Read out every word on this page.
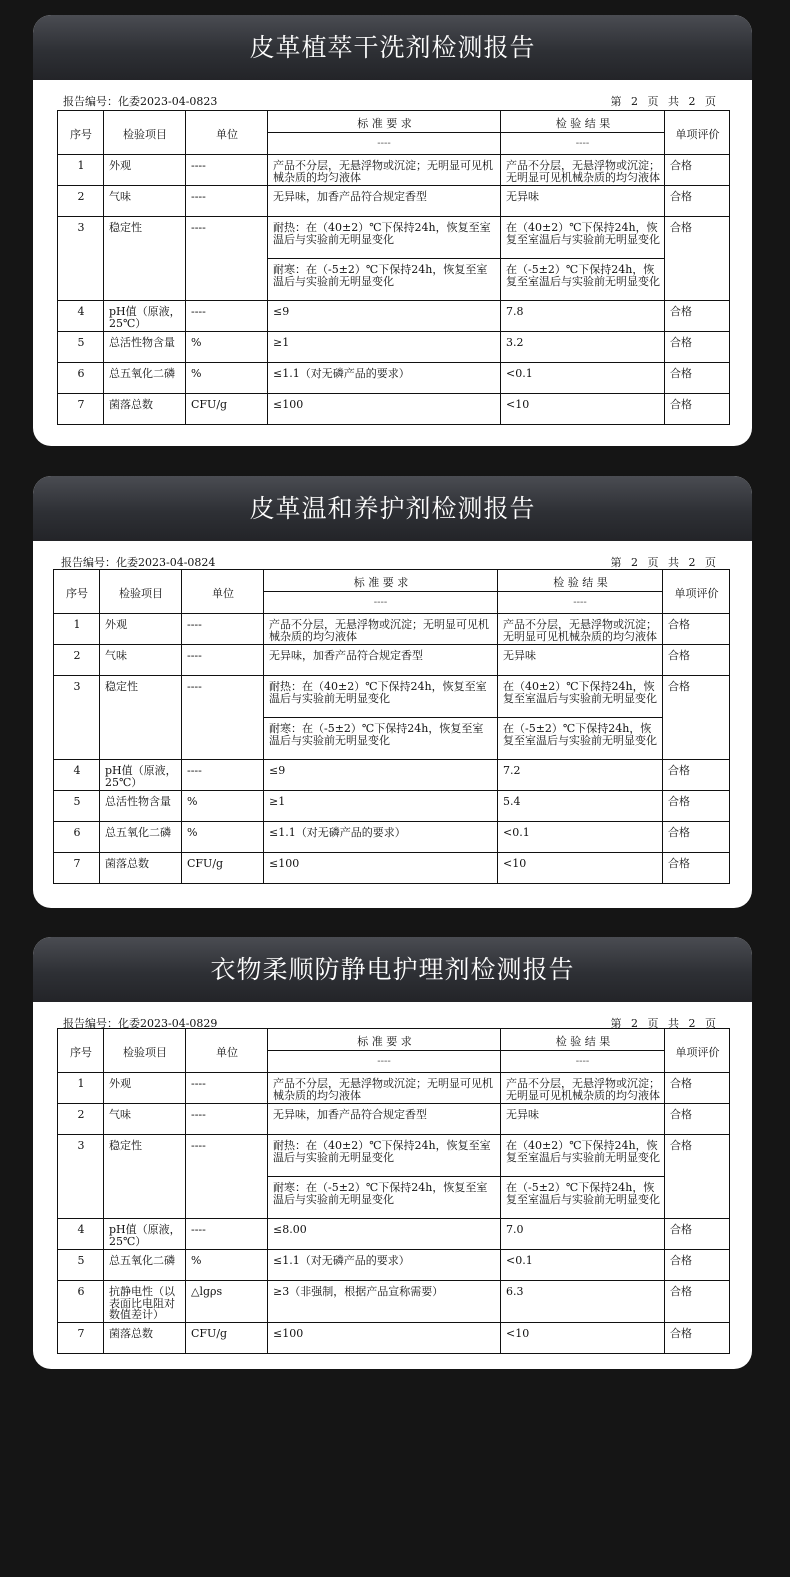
皮革植萃干洗剂检测报告
报告编号：化委2023-04-0823	第 2 页 共 2 页
序号	检验项目	单位	标 准 要 求	检 验 结 果	单项评价
			----	----	
1	外观	----	产品不分层，无悬浮物或沉淀；无明显可见机械杂质的均匀液体	产品不分层，无悬浮物或沉淀；无明显可见机械杂质的均匀液体	合格
2	气味	----	无异味，加香产品符合规定香型	无异味	合格
3	稳定性	----	耐热：在（40±2）℃下保持24h，恢复至室温后与实验前无明显变化	在（40±2）℃下保持24h，恢复至室温后与实验前无明显变化	合格
			耐寒：在（-5±2）℃下保持24h，恢复至室温后与实验前无明显变化	在（-5±2）℃下保持24h，恢复至室温后与实验前无明显变化	
4	pH值（原液，25℃）	----	≤9	7.8	合格
5	总活性物含量	%	≥1	3.2	合格
6	总五氧化二磷	%	≤1.1（对无磷产品的要求）	<0.1	合格
7	菌落总数	CFU/g	≤100	<10	合格
皮革温和养护剂检测报告
报告编号：化委2023-04-0824	第 2 页 共 2 页
序号	检验项目	单位	标 准 要 求	检 验 结 果	单项评价
			----	----	
1	外观	----	产品不分层，无悬浮物或沉淀；无明显可见机械杂质的均匀液体	产品不分层，无悬浮物或沉淀；无明显可见机械杂质的均匀液体	合格
2	气味	----	无异味，加香产品符合规定香型	无异味	合格
3	稳定性	----	耐热：在（40±2）℃下保持24h，恢复至室温后与实验前无明显变化	在（40±2）℃下保持24h，恢复至室温后与实验前无明显变化	合格
			耐寒：在（-5±2）℃下保持24h，恢复至室温后与实验前无明显变化	在（-5±2）℃下保持24h，恢复至室温后与实验前无明显变化	
4	pH值（原液，25℃）	----	≤9	7.2	合格
5	总活性物含量	%	≥1	5.4	合格
6	总五氧化二磷	%	≤1.1（对无磷产品的要求）	<0.1	合格
7	菌落总数	CFU/g	≤100	<10	合格
衣物柔顺防静电护理剂检测报告
报告编号：化委2023-04-0829	第 2 页 共 2 页
序号	检验项目	单位	标 准 要 求	检 验 结 果	单项评价
			----	----	
1	外观	----	产品不分层，无悬浮物或沉淀；无明显可见机械杂质的均匀液体	产品不分层，无悬浮物或沉淀；无明显可见机械杂质的均匀液体	合格
2	气味	----	无异味，加香产品符合规定香型	无异味	合格
3	稳定性	----	耐热：在（40±2）℃下保持24h，恢复至室温后与实验前无明显变化	在（40±2）℃下保持24h，恢复至室温后与实验前无明显变化	合格
			耐寒：在（-5±2）℃下保持24h，恢复至室温后与实验前无明显变化	在（-5±2）℃下保持24h，恢复至室温后与实验前无明显变化	
4	pH值（原液，25℃）	----	≤8.00	7.0	合格
5	总五氧化二磷	%	≤1.1（对无磷产品的要求）	<0.1	合格
6	抗静电性（以表面比电阻对数值差计）	△lgρs	≥3（非强制，根据产品宣称需要）	6.3	合格
7	菌落总数	CFU/g	≤100	<10	合格
